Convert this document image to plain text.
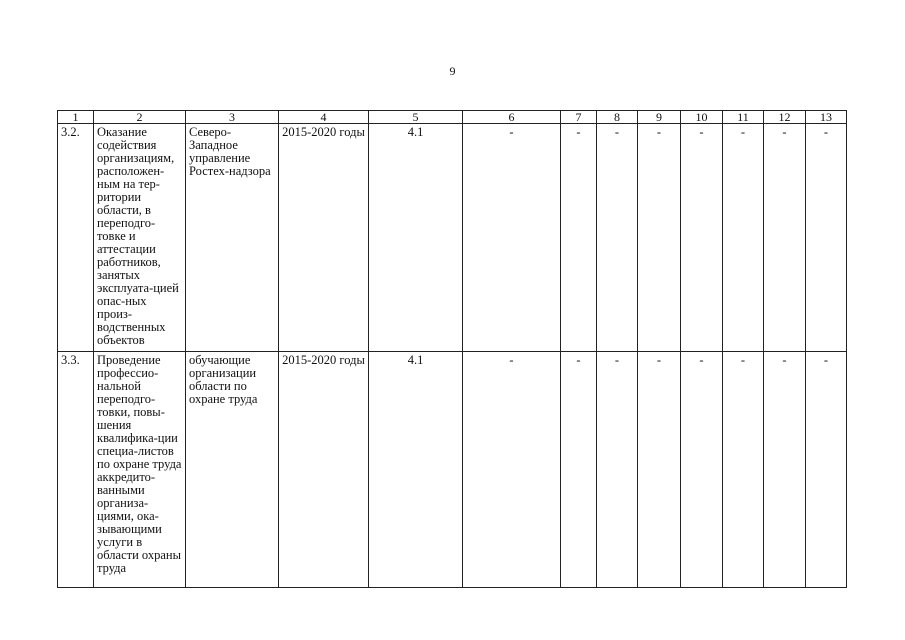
9
1	2	3	4	5	6	7	8	9	10	11	12	13
3.2.	Оказание содействия организациям, расположен-ным на тер-ритории области, в переподго-товке и аттестации работников, занятых эксплуата-цией опас-ных произ-водственных объектов	Северо-Западное управление Ростех-надзора	2015-2020 годы	4.1	-	-	-	-	-	-	-	-
3.3.	Проведение профессио-нальной переподго-товки, повы-шения квалифика-ции специа-листов по охране труда аккредито-ванными организа-циями, ока-зывающими услуги в области охраны труда	обучающие организации области по охране труда	2015-2020 годы	4.1	-	-	-	-	-	-	-	-
